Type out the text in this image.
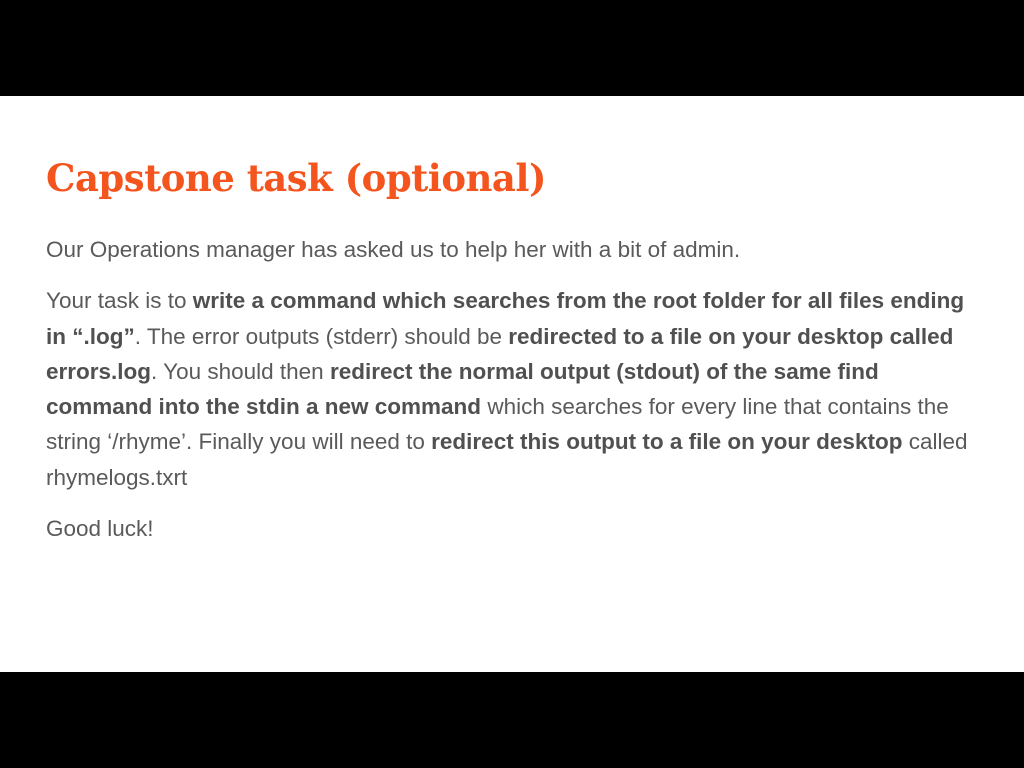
Capstone task (optional)

Our Operations manager has asked us to help her with a bit of admin.

Your task is to write a command which searches from the root folder for all files ending in “.log”. The error outputs (stderr) should be redirected to a file on your desktop called errors.log. You should then redirect the normal output (stdout) of the same find command into the stdin a new command which searches for every line that contains the string ‘/rhyme’. Finally you will need to redirect this output to a file on your desktop called rhymelogs.txrt

Good luck!
